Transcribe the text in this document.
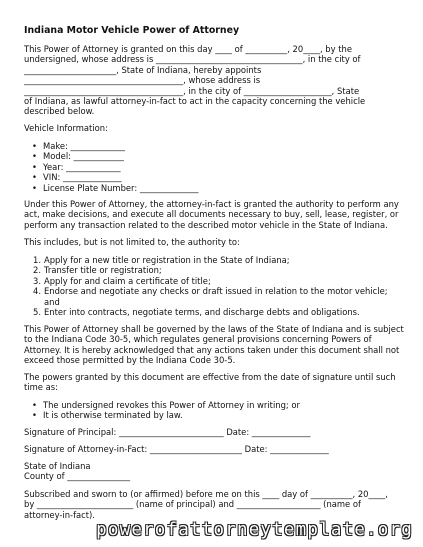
Indiana Motor Vehicle Power of Attorney
This Power of Attorney is granted on this day ____ of __________, 20____, by the
undersigned, whose address is ___________________________________, in the city of
______________________, State of Indiana, hereby appoints
______________________________________, whose address is
______________________________________, in the city of _____________________, State
of Indiana, as lawful attorney-in-fact to act in the capacity concerning the vehicle
described below.
Vehicle Information:
• Make: _____________
• Model: ____________
• Year: _____________
• VIN: ______________
• License Plate Number: ______________
Under this Power of Attorney, the attorney-in-fact is granted the authority to perform any
act, make decisions, and execute all documents necessary to buy, sell, lease, register, or
perform any transaction related to the described motor vehicle in the State of Indiana.
This includes, but is not limited to, the authority to:
1. Apply for a new title or registration in the State of Indiana;
2. Transfer title or registration;
3. Apply for and claim a certificate of title;
4. Endorse and negotiate any checks or draft issued in relation to the motor vehicle;
and
5. Enter into contracts, negotiate terms, and discharge debts and obligations.
This Power of Attorney shall be governed by the laws of the State of Indiana and is subject
to the Indiana Code 30-5, which regulates general provisions concerning Powers of
Attorney. It is hereby acknowledged that any actions taken under this document shall not
exceed those permitted by the Indiana Code 30-5.
The powers granted by this document are effective from the date of signature until such
time as:
• The undersigned revokes this Power of Attorney in writing; or
• It is otherwise terminated by law.
Signature of Principal: _________________________ Date: ______________
Signature of Attorney-in-Fact: ______________________ Date: ______________
State of Indiana
County of _______________
Subscribed and sworn to (or affirmed) before me on this ____ day of __________, 20____,
by _______________________ (name of principal) and ____________________ (name of
attorney-in-fact).
powerofattorneytemplate.org
